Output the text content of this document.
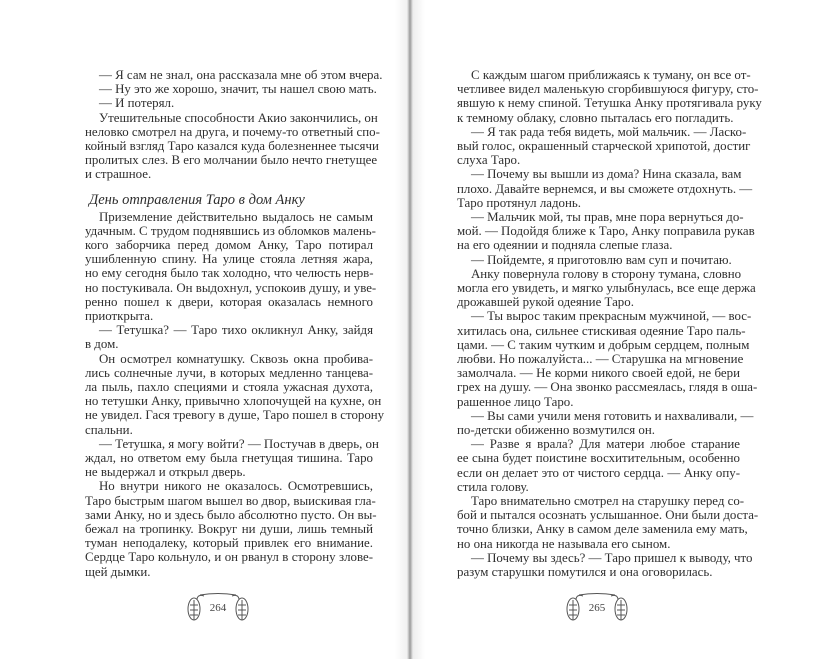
— Я сам не знал, она рассказала мне об этом вчера.
— Ну это же хорошо, значит, ты нашел свою мать.
— И потерял.
Утешительные способности Акио закончились, он
неловко смотрел на друга, и почему-то ответный спо-
койный взгляд Таро казался куда болезненнее тысячи
пролитых слез. В его молчании было нечто гнетущее
и страшное.
День отправления Таро в дом Анку
Приземление действительно выдалось не самым
удачным. С трудом поднявшись из обломков малень-
кого заборчика перед домом Анку, Таро потирал
ушибленную спину. На улице стояла летняя жара,
но ему сегодня было так холодно, что челюсть нерв-
но постукивала. Он выдохнул, успокоив душу, и уве-
ренно пошел к двери, которая оказалась немного
приоткрыта.
— Тетушка? — Таро тихо окликнул Анку, зайдя
в дом.
Он осмотрел комнатушку. Сквозь окна пробива-
лись солнечные лучи, в которых медленно танцева-
ла пыль, пахло специями и стояла ужасная духота,
но тетушки Анку, привычно хлопочущей на кухне, он
не увидел. Гася тревогу в душе, Таро пошел в сторону
спальни.
— Тетушка, я могу войти? — Постучав в дверь, он
ждал, но ответом ему была гнетущая тишина. Таро
не выдержал и открыл дверь.
Но внутри никого не оказалось. Осмотревшись,
Таро быстрым шагом вышел во двор, выискивая гла-
зами Анку, но и здесь было абсолютно пусто. Он вы-
бежал на тропинку. Вокруг ни души, лишь темный
туман неподалеку, который привлек его внимание.
Сердце Таро кольнуло, и он рванул в сторону злове-
щей дымки.
С каждым шагом приближаясь к туману, он все от-
четливее видел маленькую сгорбившуюся фигуру, сто-
явшую к нему спиной. Тетушка Анку протягивала руку
к темному облаку, словно пыталась его погладить.
— Я так рада тебя видеть, мой мальчик. — Ласко-
вый голос, окрашенный старческой хрипотой, достиг
слуха Таро.
— Почему вы вышли из дома? Нина сказала, вам
плохо. Давайте вернемся, и вы сможете отдохнуть. —
Таро протянул ладонь.
— Мальчик мой, ты прав, мне пора вернуться до-
мой. — Подойдя ближе к Таро, Анку поправила рукав
на его одеянии и подняла слепые глаза.
— Пойдемте, я приготовлю вам суп и почитаю.
Анку повернула голову в сторону тумана, словно
могла его увидеть, и мягко улыбнулась, все еще держа
дрожавшей рукой одеяние Таро.
— Ты вырос таким прекрасным мужчиной, — вос-
хитилась она, сильнее стискивая одеяние Таро паль-
цами. — С таким чутким и добрым сердцем, полным
любви. Но пожалуйста... — Старушка на мгновение
замолчала. — Не корми никого своей едой, не бери
грех на душу. — Она звонко рассмеялась, глядя в оша-
рашенное лицо Таро.
— Вы сами учили меня готовить и нахваливали, —
по-детски обиженно возмутился он.
— Разве я врала? Для матери любое старание
ее сына будет поистине восхитительным, особенно
если он делает это от чистого сердца. — Анку опу-
стила голову.
Таро внимательно смотрел на старушку перед со-
бой и пытался осознать услышанное. Они были доста-
точно близки, Анку в самом деле заменила ему мать,
но она никогда не называла его сыном.
— Почему вы здесь? — Таро пришел к выводу, что
разум старушки помутился и она оговорилась.
264	265
